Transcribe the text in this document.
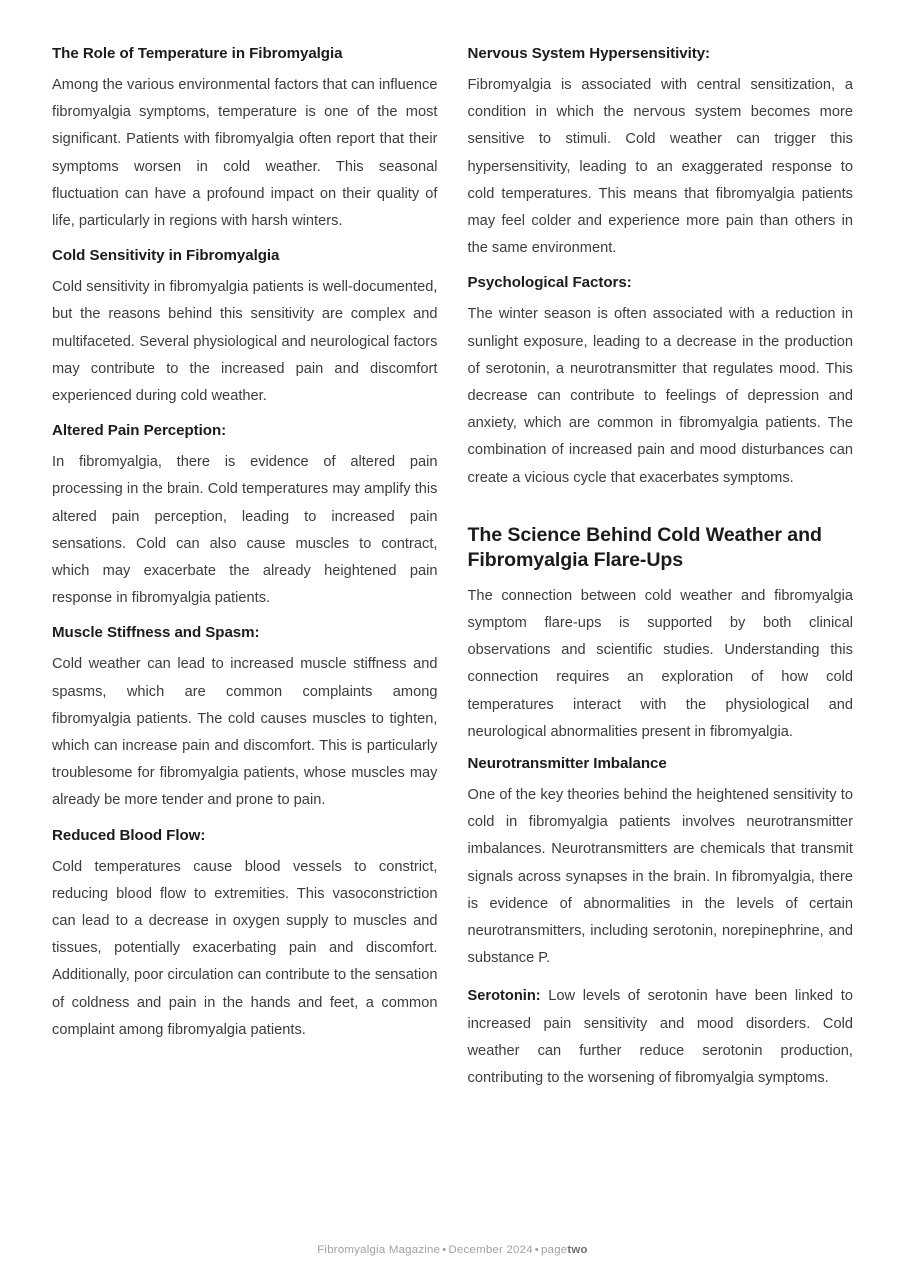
The Role of Temperature in Fibromyalgia

Among the various environmental factors that can influence fibromyalgia symptoms, temperature is one of the most significant. Patients with fibromyalgia often report that their symptoms worsen in cold weather. This seasonal fluctuation can have a profound impact on their quality of life, particularly in regions with harsh winters.

Cold Sensitivity in Fibromyalgia

Cold sensitivity in fibromyalgia patients is well-documented, but the reasons behind this sensitivity are complex and multifaceted. Several physiological and neurological factors may contribute to the increased pain and discomfort experienced during cold weather.

Altered Pain Perception:

In fibromyalgia, there is evidence of altered pain processing in the brain. Cold temperatures may amplify this altered pain perception, leading to increased pain sensations. Cold can also cause muscles to contract, which may exacerbate the already heightened pain response in fibromyalgia patients.

Muscle Stiffness and Spasm:

Cold weather can lead to increased muscle stiffness and spasms, which are common complaints among fibromyalgia patients. The cold causes muscles to tighten, which can increase pain and discomfort. This is particularly troublesome for fibromyalgia patients, whose muscles may already be more tender and prone to pain.

Reduced Blood Flow:

Cold temperatures cause blood vessels to constrict, reducing blood flow to extremities. This vasoconstriction can lead to a decrease in oxygen supply to muscles and tissues, potentially exacerbating pain and discomfort. Additionally, poor circulation can contribute to the sensation of coldness and pain in the hands and feet, a common complaint among fibromyalgia patients.

Nervous System Hypersensitivity:

Fibromyalgia is associated with central sensitization, a condition in which the nervous system becomes more sensitive to stimuli. Cold weather can trigger this hypersensitivity, leading to an exaggerated response to cold temperatures. This means that fibromyalgia patients may feel colder and experience more pain than others in the same environment.

Psychological Factors:

The winter season is often associated with a reduction in sunlight exposure, leading to a decrease in the production of serotonin, a neurotransmitter that regulates mood. This decrease can contribute to feelings of depression and anxiety, which are common in fibromyalgia patients. The combination of increased pain and mood disturbances can create a vicious cycle that exacerbates symptoms.

The Science Behind Cold Weather and Fibromyalgia Flare-Ups

The connection between cold weather and fibromyalgia symptom flare-ups is supported by both clinical observations and scientific studies. Understanding this connection requires an exploration of how cold temperatures interact with the physiological and neurological abnormalities present in fibromyalgia.

Neurotransmitter Imbalance

One of the key theories behind the heightened sensitivity to cold in fibromyalgia patients involves neurotransmitter imbalances. Neurotransmitters are chemicals that transmit signals across synapses in the brain. In fibromyalgia, there is evidence of abnormalities in the levels of certain neurotransmitters, including serotonin, norepinephrine, and substance P.

Serotonin: Low levels of serotonin have been linked to increased pain sensitivity and mood disorders. Cold weather can further reduce serotonin production, contributing to the worsening of fibromyalgia symptoms.

Fibromyalgia Magazine • December 2024 • pagetwo
